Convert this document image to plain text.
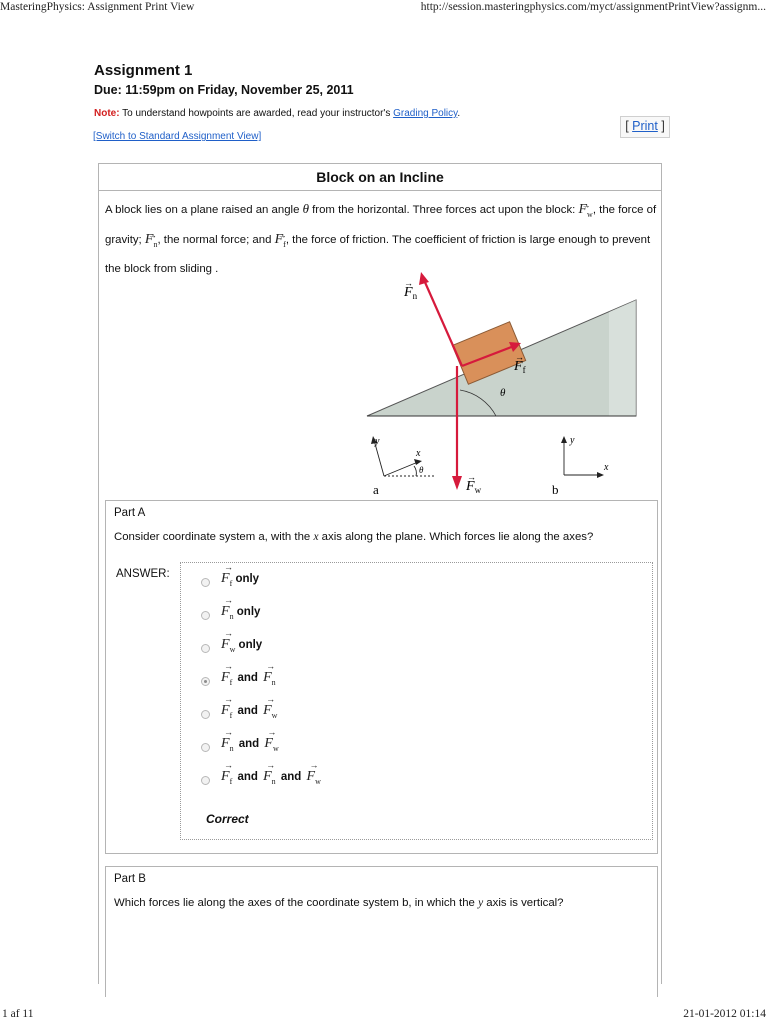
MasteringPhysics: Assignment Print View	http://session.masteringphysics.com/myct/assignmentPrintView?assignm...
Assignment 1
Due: 11:59pm on Friday, November 25, 2011
Note: To understand howpoints are awarded, read your instructor's Grading Policy.
[Switch to Standard Assignment View]
[ Print ]
Block on an Incline
A block lies on a plane raised an angle θ from the horizontal. Three forces act upon the block: → $F_w$, the force of gravity; → $F_n$, the normal force; and → $F_f$, the force of friction. The coefficient of friction is large enough to prevent the block from sliding .
θ
$F_n$
→
$F_f$
→
$F_w$
→
y
x
θ
a
y
x
b
Part A
Consider coordinate system a, with the x axis along the plane. Which forces lie along the axes?
ANSWER:	→ $F_f$ only
→ $F_n$ only
→ $F_w$ only
→ $F_f$ and → $F_n$
→ $F_f$ and → $F_w$
→ $F_n$ and → $F_w$
→ $F_f$ and → $F_n$ and → $F_w$
Correct
Part B
Which forces lie along the axes of the coordinate system b, in which the y axis is vertical?
1 af 11	21-01-2012 01:14
